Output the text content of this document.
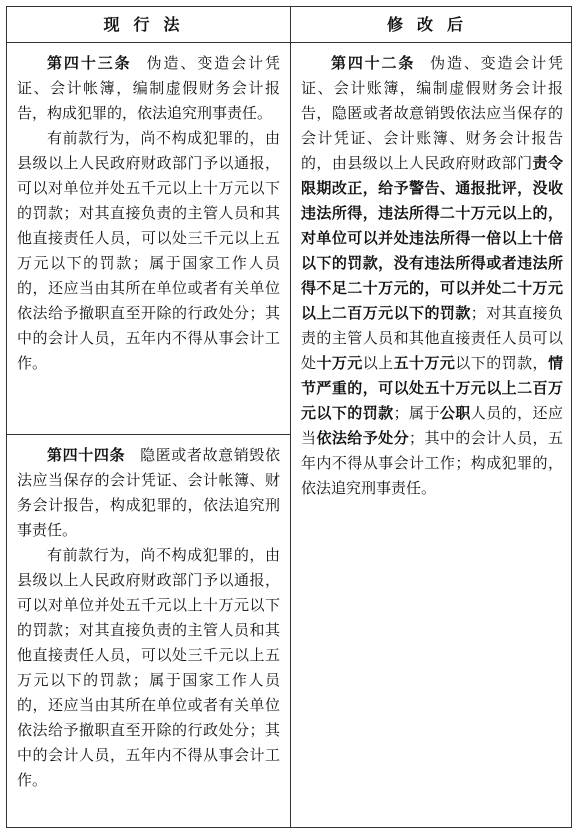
现行法	修改后

第四十三条 伪造、变造会计凭证、会计帐簿，编制虚假财务会计报告，构成犯罪的，依法追究刑事责任。

有前款行为，尚不构成犯罪的，由县级以上人民政府财政部门予以通报，可以对单位并处五千元以上十万元以下的罚款；对其直接负责的主管人员和其他直接责任人员，可以处三千元以上五万元以下的罚款；属于国家工作人员的，还应当由其所在单位或者有关单位依法给予撤职直至开除的行政处分；其中的会计人员，五年内不得从事会计工作。

第四十四条 隐匿或者故意销毁依法应当保存的会计凭证、会计帐簿、财务会计报告，构成犯罪的，依法追究刑事责任。

有前款行为，尚不构成犯罪的，由县级以上人民政府财政部门予以通报，可以对单位并处五千元以上十万元以下的罚款；对其直接负责的主管人员和其他直接责任人员，可以处三千元以上五万元以下的罚款；属于国家工作人员的，还应当由其所在单位或者有关单位依法给予撤职直至开除的行政处分；其中的会计人员，五年内不得从事会计工作。

第四十二条 伪造、变造会计凭证、会计账簿，编制虚假财务会计报告，隐匿或者故意销毁依法应当保存的会计凭证、会计账簿、财务会计报告的，由县级以上人民政府财政部门责令限期改正，给予警告、通报批评，没收违法所得，违法所得二十万元以上的，对单位可以并处违法所得一倍以上十倍以下的罚款，没有违法所得或者违法所得不足二十万元的，可以并处二十万元以上二百万元以下的罚款；对其直接负责的主管人员和其他直接责任人员可以处十万元以上五十万元以下的罚款，情节严重的，可以处五十万元以上二百万元以下的罚款；属于公职人员的，还应当依法给予处分；其中的会计人员，五年内不得从事会计工作；构成犯罪的，依法追究刑事责任。
